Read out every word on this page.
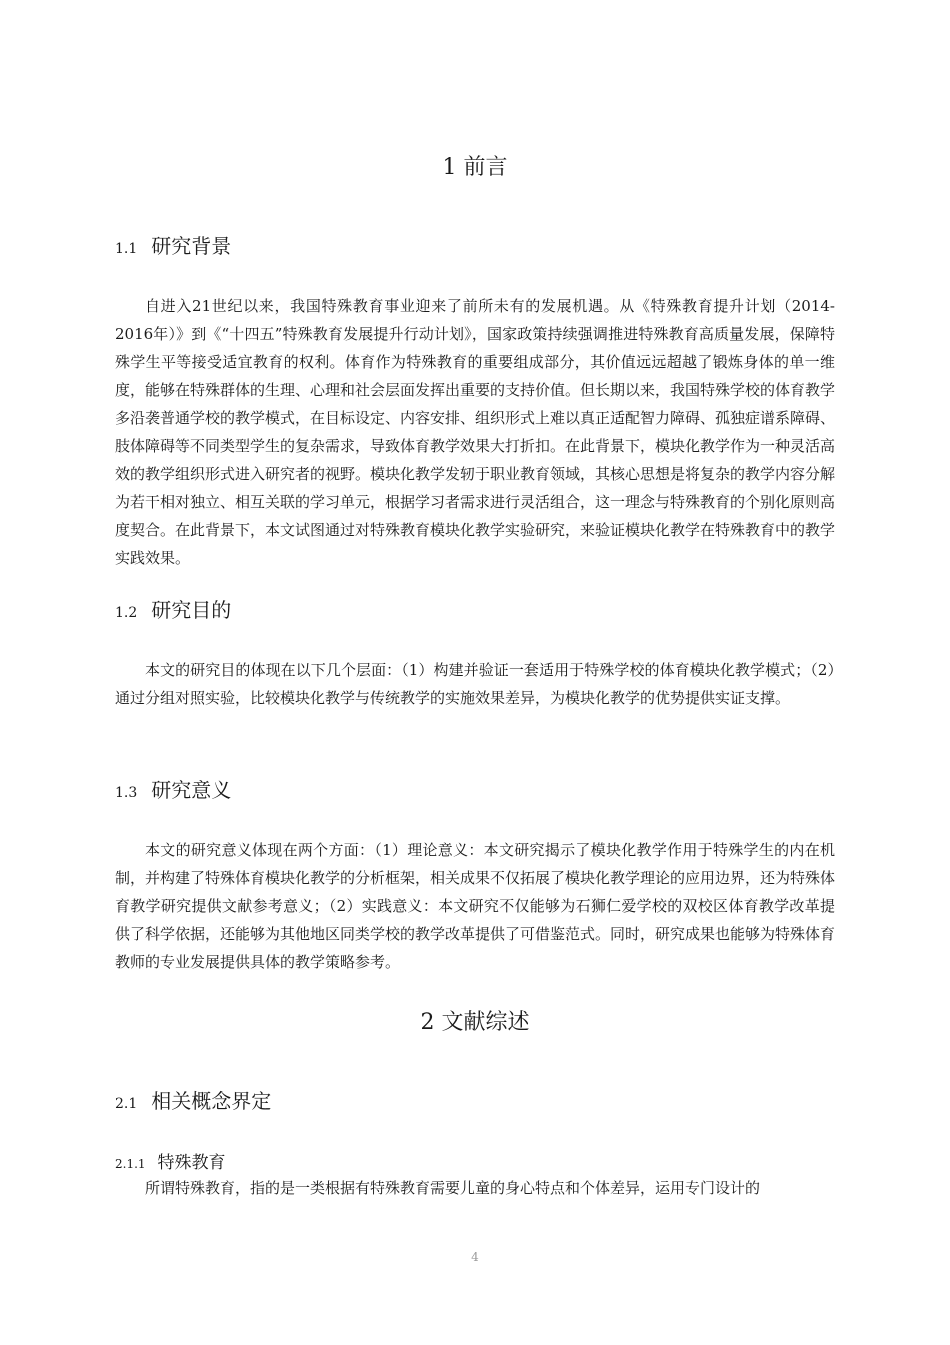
1 前言
1.1 研究背景

自进入21世纪以来，我国特殊教育事业迎来了前所未有的发展机遇。从《特殊教育提升计划（2014-2016年）》到《“十四五”特殊教育发展提升行动计划》，国家政策持续强调推进特殊教育高质量发展，保障特殊学生平等接受适宜教育的权利。体育作为特殊教育的重要组成部分，其价值远远超越了锻炼身体的单一维度，能够在特殊群体的生理、心理和社会层面发挥出重要的支持价值。但长期以来，我国特殊学校的体育教学多沿袭普通学校的教学模式，在目标设定、内容安排、组织形式上难以真正适配智力障碍、孤独症谱系障碍、肢体障碍等不同类型学生的复杂需求，导致体育教学效果大打折扣。在此背景下，模块化教学作为一种灵活高效的教学组织形式进入研究者的视野。模块化教学发轫于职业教育领域，其核心思想是将复杂的教学内容分解为若干相对独立、相互关联的学习单元，根据学习者需求进行灵活组合，这一理念与特殊教育的个别化原则高度契合。在此背景下，本文试图通过对特殊教育模块化教学实验研究，来验证模块化教学在特殊教育中的教学实践效果。

1.2 研究目的

本文的研究目的体现在以下几个层面：（1）构建并验证一套适用于特殊学校的体育模块化教学模式；（2）通过分组对照实验，比较模块化教学与传统教学的实施效果差异，为模块化教学的优势提供实证支撑。

1.3 研究意义

本文的研究意义体现在两个方面：（1）理论意义：本文研究揭示了模块化教学作用于特殊学生的内在机制，并构建了特殊体育模块化教学的分析框架，相关成果不仅拓展了模块化教学理论的应用边界，还为特殊体育教学研究提供文献参考意义；（2）实践意义：本文研究不仅能够为石狮仁爱学校的双校区体育教学改革提供了科学依据，还能够为其他地区同类学校的教学改革提供了可借鉴范式。同时，研究成果也能够为特殊体育教师的专业发展提供具体的教学策略参考。

2 文献综述
2.1 相关概念界定
2.1.1 特殊教育

所谓特殊教育，指的是一类根据有特殊教育需要儿童的身心特点和个体差异，运用专门设计的

4
